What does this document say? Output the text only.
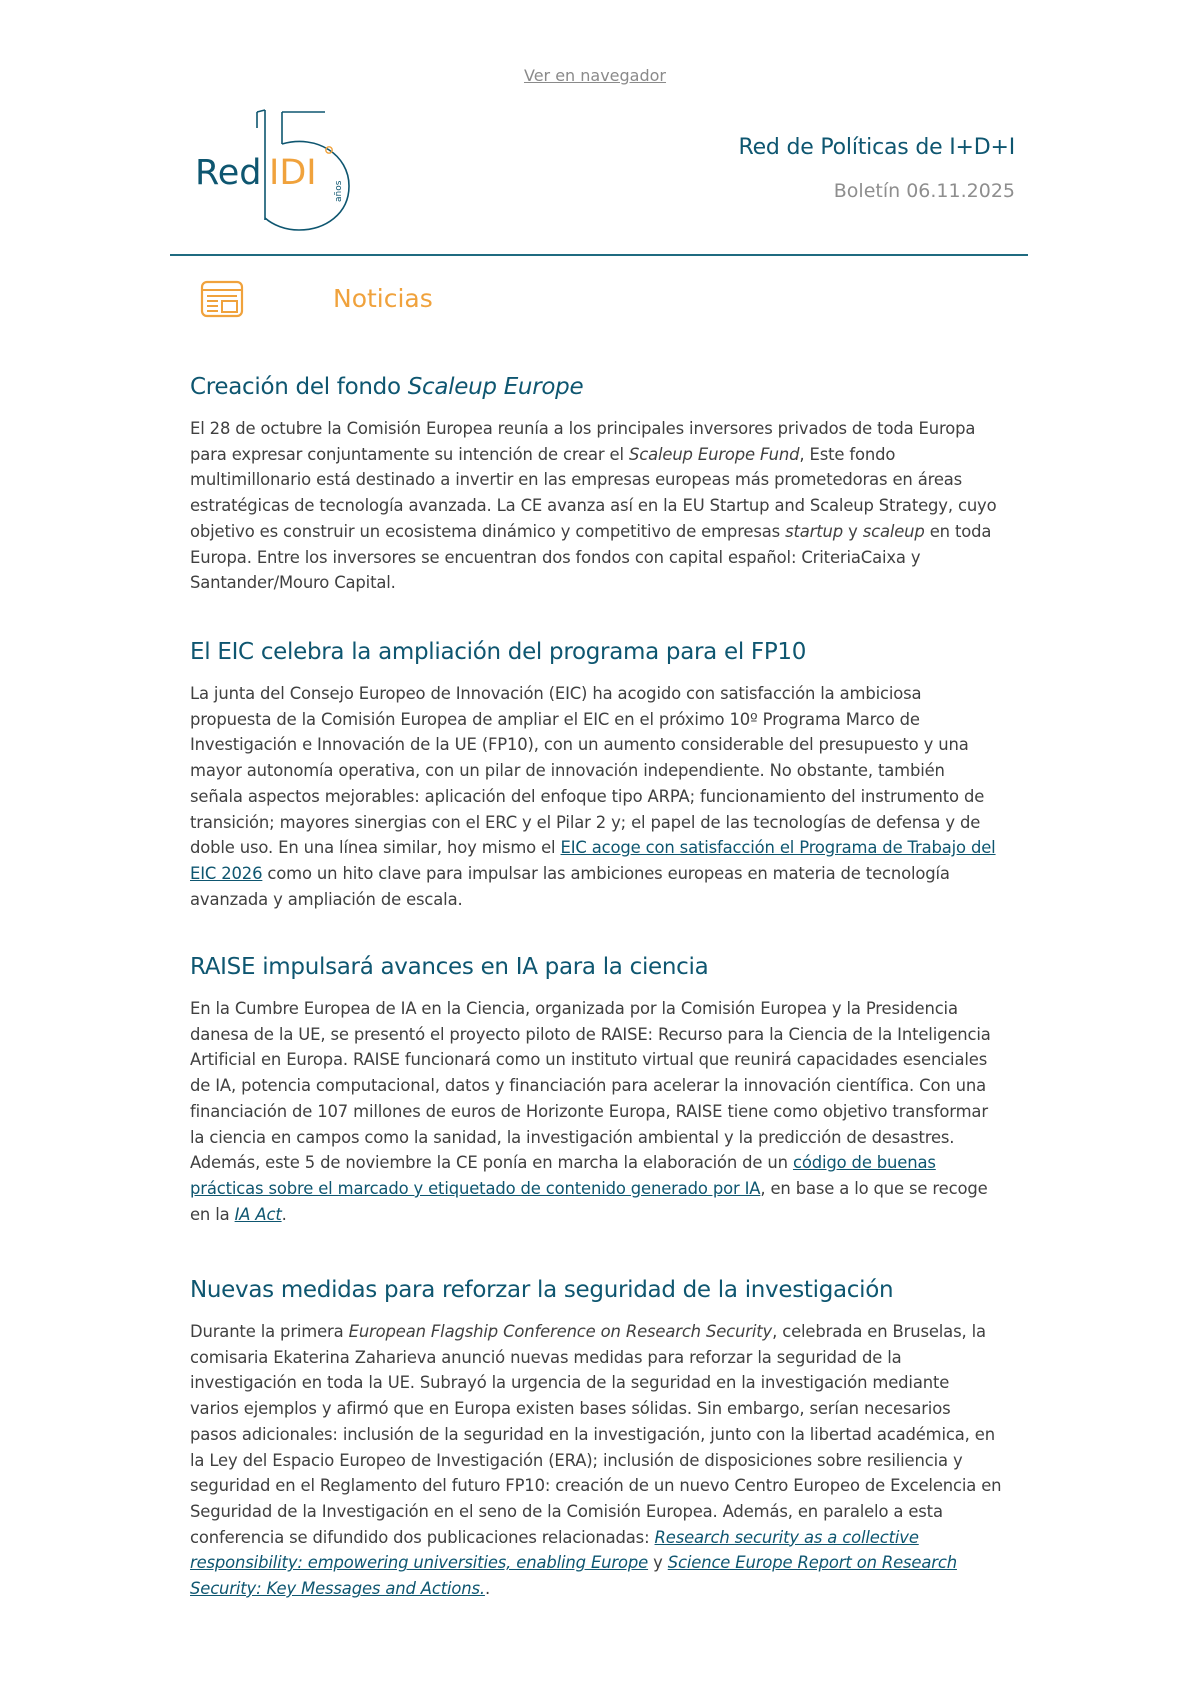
Ver en navegador
Red IDI años
Red de Políticas de I+D+I
Boletín 06.11.2025
Noticias
Creación del fondo Scaleup Europe

El 28 de octubre la Comisión Europea reunía a los principales inversores privados de toda Europa para expresar conjuntamente su intención de crear el Scaleup Europe Fund, Este fondo multimillonario está destinado a invertir en las empresas europeas más prometedoras en áreas estratégicas de tecnología avanzada. La CE avanza así en la EU Startup and Scaleup Strategy, cuyo objetivo es construir un ecosistema dinámico y competitivo de empresas startup y scaleup en toda Europa. Entre los inversores se encuentran dos fondos con capital español: CriteriaCaixa y Santander/Mouro Capital.

El EIC celebra la ampliación del programa para el FP10

La junta del Consejo Europeo de Innovación (EIC) ha acogido con satisfacción la ambiciosa propuesta de la Comisión Europea de ampliar el EIC en el próximo 10º Programa Marco de Investigación e Innovación de la UE (FP10), con un aumento considerable del presupuesto y una mayor autonomía operativa, con un pilar de innovación independiente. No obstante, también señala aspectos mejorables: aplicación del enfoque tipo ARPA; funcionamiento del instrumento de transición; mayores sinergias con el ERC y el Pilar 2 y; el papel de las tecnologías de defensa y de doble uso. En una línea similar, hoy mismo el EIC acoge con satisfacción el Programa de Trabajo del EIC 2026 como un hito clave para impulsar las ambiciones europeas en materia de tecnología avanzada y ampliación de escala.

RAISE impulsará avances en IA para la ciencia

En la Cumbre Europea de IA en la Ciencia, organizada por la Comisión Europea y la Presidencia danesa de la UE, se presentó el proyecto piloto de RAISE: Recurso para la Ciencia de la Inteligencia Artificial en Europa. RAISE funcionará como un instituto virtual que reunirá capacidades esenciales de IA, potencia computacional, datos y financiación para acelerar la innovación científica. Con una financiación de 107 millones de euros de Horizonte Europa, RAISE tiene como objetivo transformar la ciencia en campos como la sanidad, la investigación ambiental y la predicción de desastres. Además, este 5 de noviembre la CE ponía en marcha la elaboración de un código de buenas prácticas sobre el marcado y etiquetado de contenido generado por IA, en base a lo que se recoge en la IA Act.

Nuevas medidas para reforzar la seguridad de la investigación

Durante la primera European Flagship Conference on Research Security, celebrada en Bruselas, la comisaria Ekaterina Zaharieva anunció nuevas medidas para reforzar la seguridad de la investigación en toda la UE. Subrayó la urgencia de la seguridad en la investigación mediante varios ejemplos y afirmó que en Europa existen bases sólidas. Sin embargo, serían necesarios pasos adicionales: inclusión de la seguridad en la investigación, junto con la libertad académica, en la Ley del Espacio Europeo de Investigación (ERA); inclusión de disposiciones sobre resiliencia y seguridad en el Reglamento del futuro FP10: creación de un nuevo Centro Europeo de Excelencia en Seguridad de la Investigación en el seno de la Comisión Europea. Además, en paralelo a esta conferencia se difundido dos publicaciones relacionadas: Research security as a collective responsibility: empowering universities, enabling Europe y Science Europe Report on Research Security: Key Messages and Actions..
